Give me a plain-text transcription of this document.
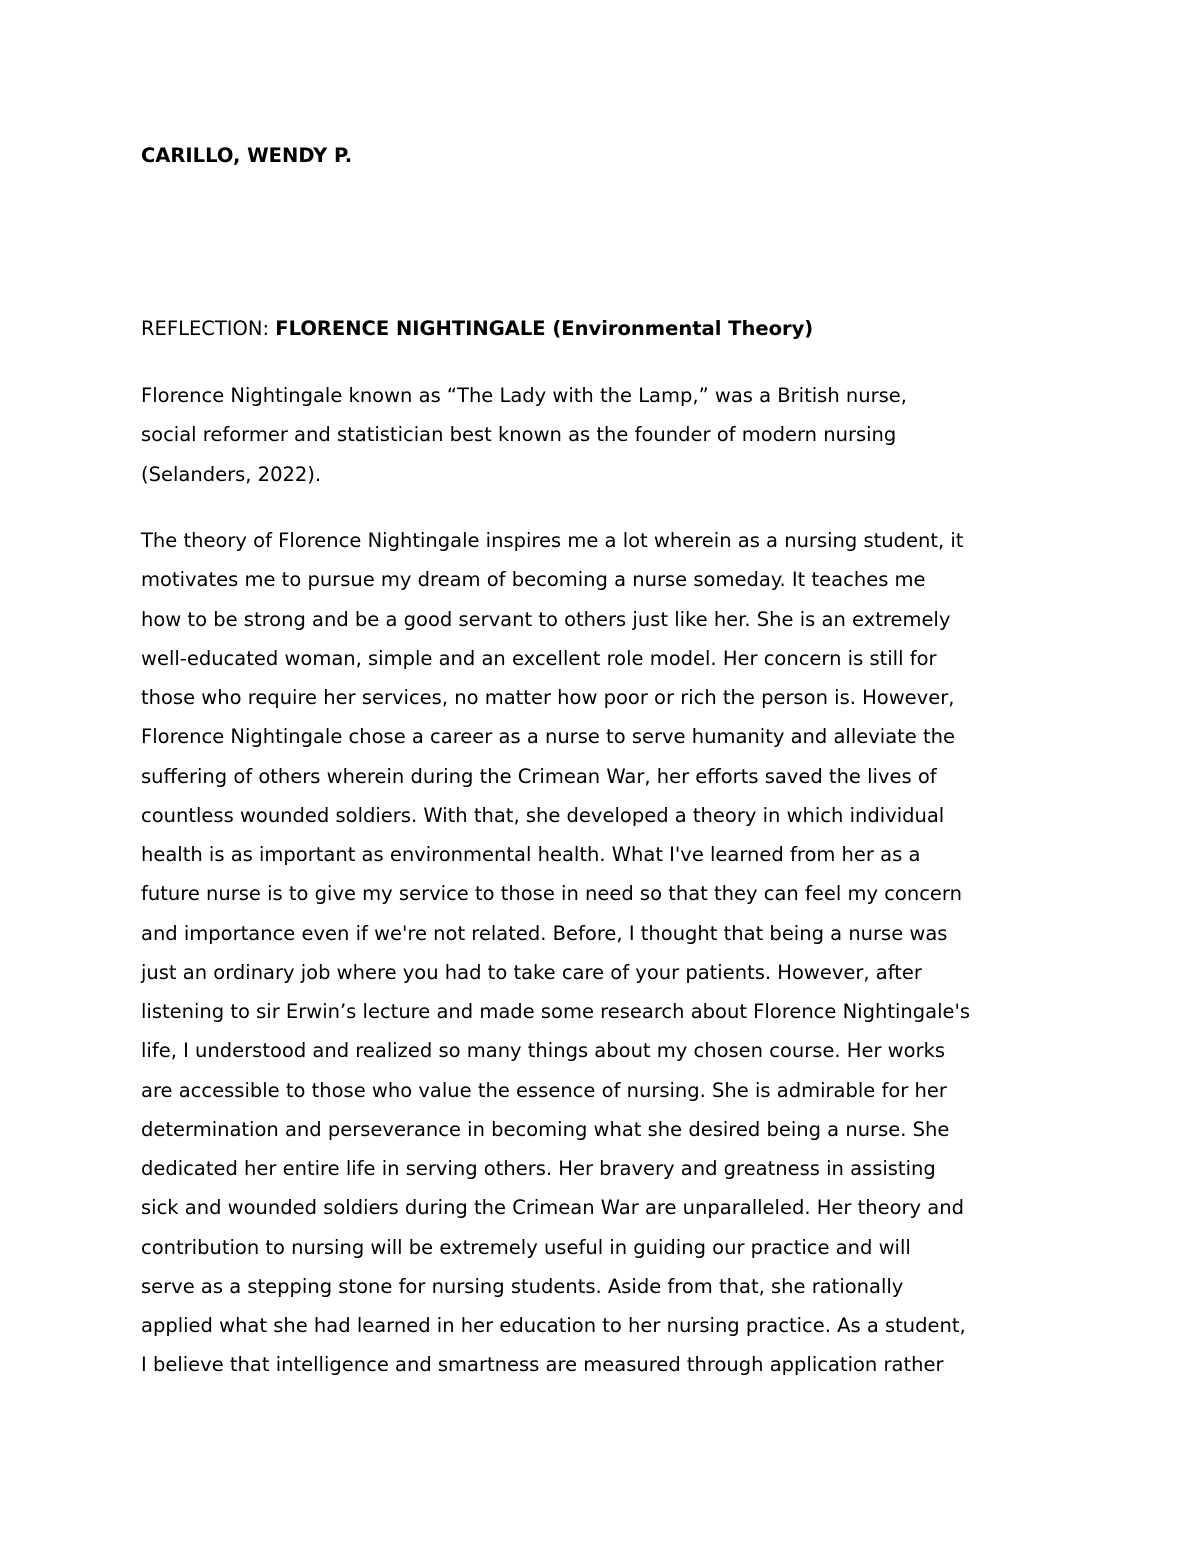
CARILLO, WENDY P.

REFLECTION: FLORENCE NIGHTINGALE (Environmental Theory)

Florence Nightingale known as “The Lady with the Lamp,” was a British nurse,
social reformer and statistician best known as the founder of modern nursing
(Selanders, 2022).
The theory of Florence Nightingale inspires me a lot wherein as a nursing student, it
motivates me to pursue my dream of becoming a nurse someday. It teaches me
how to be strong and be a good servant to others just like her. She is an extremely
well-educated woman, simple and an excellent role model. Her concern is still for
those who require her services, no matter how poor or rich the person is. However,
Florence Nightingale chose a career as a nurse to serve humanity and alleviate the
suffering of others wherein during the Crimean War, her efforts saved the lives of
countless wounded soldiers. With that, she developed a theory in which individual
health is as important as environmental health. What I've learned from her as a
future nurse is to give my service to those in need so that they can feel my concern
and importance even if we're not related. Before, I thought that being a nurse was
just an ordinary job where you had to take care of your patients. However, after
listening to sir Erwin’s lecture and made some research about Florence Nightingale's
life, I understood and realized so many things about my chosen course. Her works
are accessible to those who value the essence of nursing. She is admirable for her
determination and perseverance in becoming what she desired being a nurse. She
dedicated her entire life in serving others. Her bravery and greatness in assisting
sick and wounded soldiers during the Crimean War are unparalleled. Her theory and
contribution to nursing will be extremely useful in guiding our practice and will
serve as a stepping stone for nursing students. Aside from that, she rationally
applied what she had learned in her education to her nursing practice. As a student,
I believe that intelligence and smartness are measured through application rather
